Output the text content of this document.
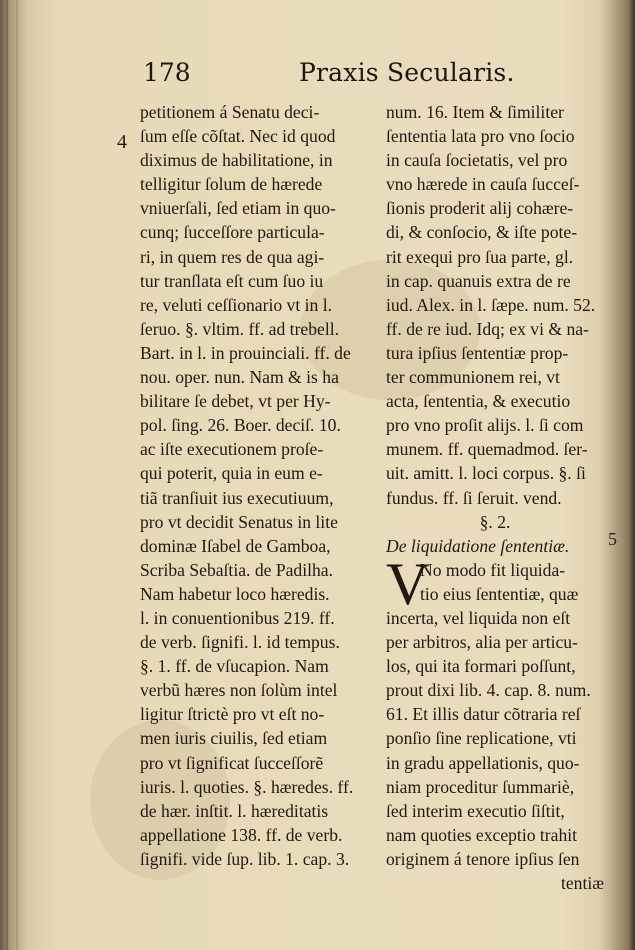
178	Praxis Secularis.
4
petitionem á Senatu deci-
ſum eſſe cõſtat. Nec id quod
diximus de habilitatione, in
telligitur ſolum de hærede
vniuerſali, ſed etiam in quo-
cunq; ſucceſſore particula-
ri, in quem res de qua agi-
tur tranſlata eſt cum ſuo iu
re, veluti ceſſionario vt in l.
ſeruo. §. vltim. ff. ad trebell.
Bart. in l. in prouinciali. ff. de
nou. oper. nun. Nam & is ha
bilitare ſe debet, vt per Hy-
pol. ſing. 26. Boer. deciſ. 10.
ac iſte executionem proſe-
qui poterit, quia in eum e-
tiã tranſiuit ius executiuum,
pro vt decidit Senatus in lite
dominæ Iſabel de Gamboa,
Scriba Sebaſtia. de Padilha.
Nam habetur loco hæredis.
l. in conuentionibus 219. ff.
de verb. ſignifi. l. id tempus.
§. 1. ff. de vſucapion. Nam
verbũ hæres non ſolùm intel
ligitur ſtrictè pro vt eſt no-
men iuris ciuilis, ſed etiam
pro vt ſignificat ſucceſſorẽ
iuris. l. quoties. §. hæredes. ff.
de hær. inſtit. l. hæreditatis
appellatione 138. ff. de verb.
ſignifi. vide ſup. lib. 1. cap. 3.
num. 16. Item & ſimiliter
ſententia lata pro vno ſocio
in cauſa ſocietatis, vel pro
vno hærede in cauſa ſucceſ-
ſionis proderit alij cohære-
di, & conſocio, & iſte pote-
rit exequi pro ſua parte, gl.
in cap. quanuis extra de re
iud. Alex. in l. ſæpe. num. 52.
ff. de re iud. Idq; ex vi & na-
tura ipſius ſententiæ prop-
ter communionem rei, vt
acta, ſententia, & executio
pro vno proſit alijs. l. ſi com
munem. ff. quemadmod. ſer-
uit. amitt. l. loci corpus. §. ſi
fundus. ff. ſi ſeruit. vend.
§. 2.
De liquidatione ſententiæ.
V
No modo fit liquida-
tio eius ſententiæ, quæ
incerta, vel liquida non eſt
per arbitros, alia per articu-
los, qui ita formari poſſunt,
prout dixi lib. 4. cap. 8. num.
61. Et illis datur cõtraria reſ
ponſio ſine replicatione, vti
in gradu appellationis, quo-
niam proceditur ſummariè,
ſed interim executio ſiſtit,
nam quoties exceptio trahit
originem á tenore ipſius ſen
tentiæ
5
